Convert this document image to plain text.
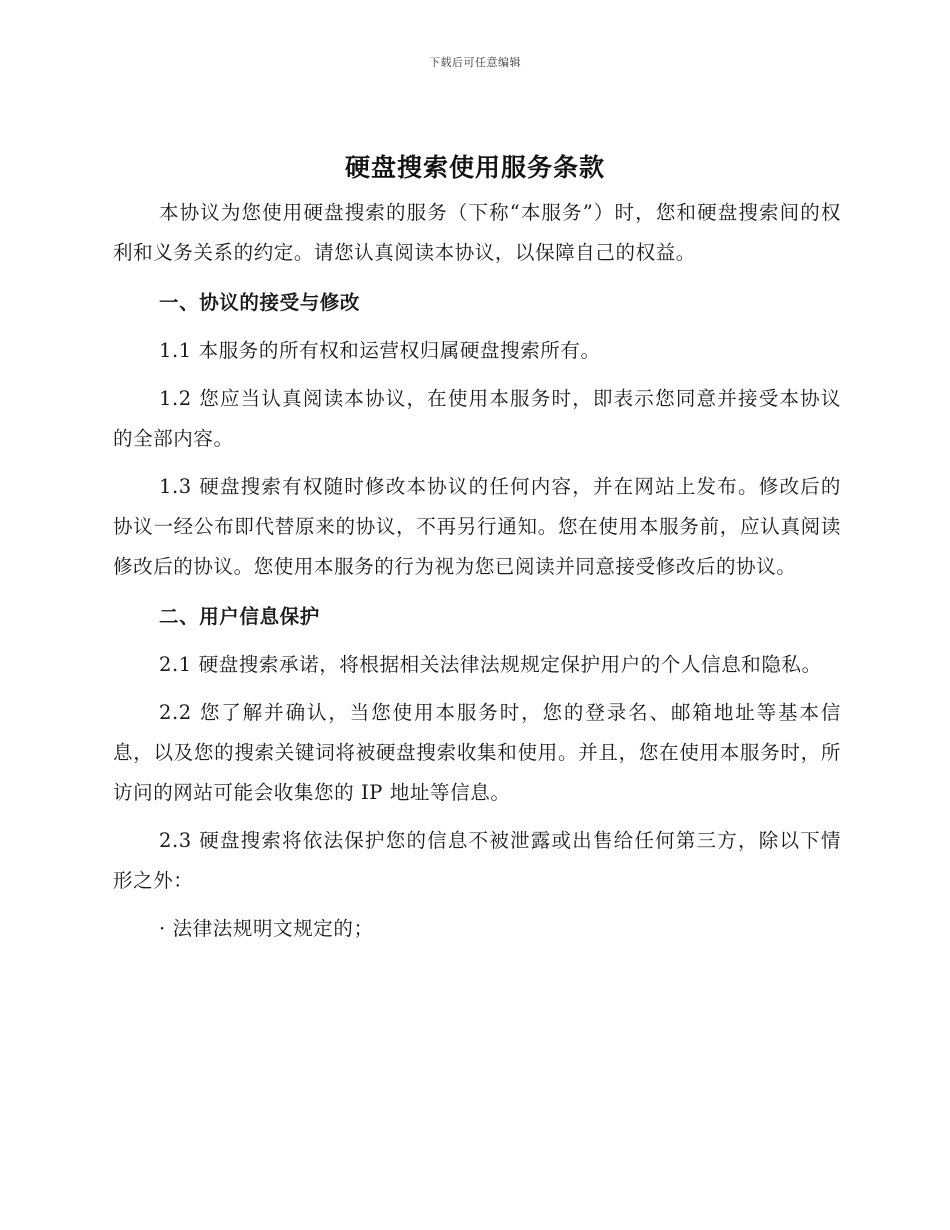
下载后可任意编辑
硬盘搜索使用服务条款

本协议为您使用硬盘搜索的服务（下称“本服务”）时，您和硬盘搜索间的权利和义务关系的约定。请您认真阅读本协议，以保障自己的权益。

一、协议的接受与修改

1.1 本服务的所有权和运营权归属硬盘搜索所有。

1.2 您应当认真阅读本协议，在使用本服务时，即表示您同意并接受本协议的全部内容。

1.3 硬盘搜索有权随时修改本协议的任何内容，并在网站上发布。修改后的协议一经公布即代替原来的协议，不再另行通知。您在使用本服务前，应认真阅读修改后的协议。您使用本服务的行为视为您已阅读并同意接受修改后的协议。

二、用户信息保护

2.1 硬盘搜索承诺，将根据相关法律法规规定保护用户的个人信息和隐私。

2.2 您了解并确认，当您使用本服务时，您的登录名、邮箱地址等基本信息，以及您的搜索关键词将被硬盘搜索收集和使用。并且，您在使用本服务时，所访问的网站可能会收集您的 IP 地址等信息。

2.3 硬盘搜索将依法保护您的信息不被泄露或出售给任何第三方，除以下情形之外：

· 法律法规明文规定的；
